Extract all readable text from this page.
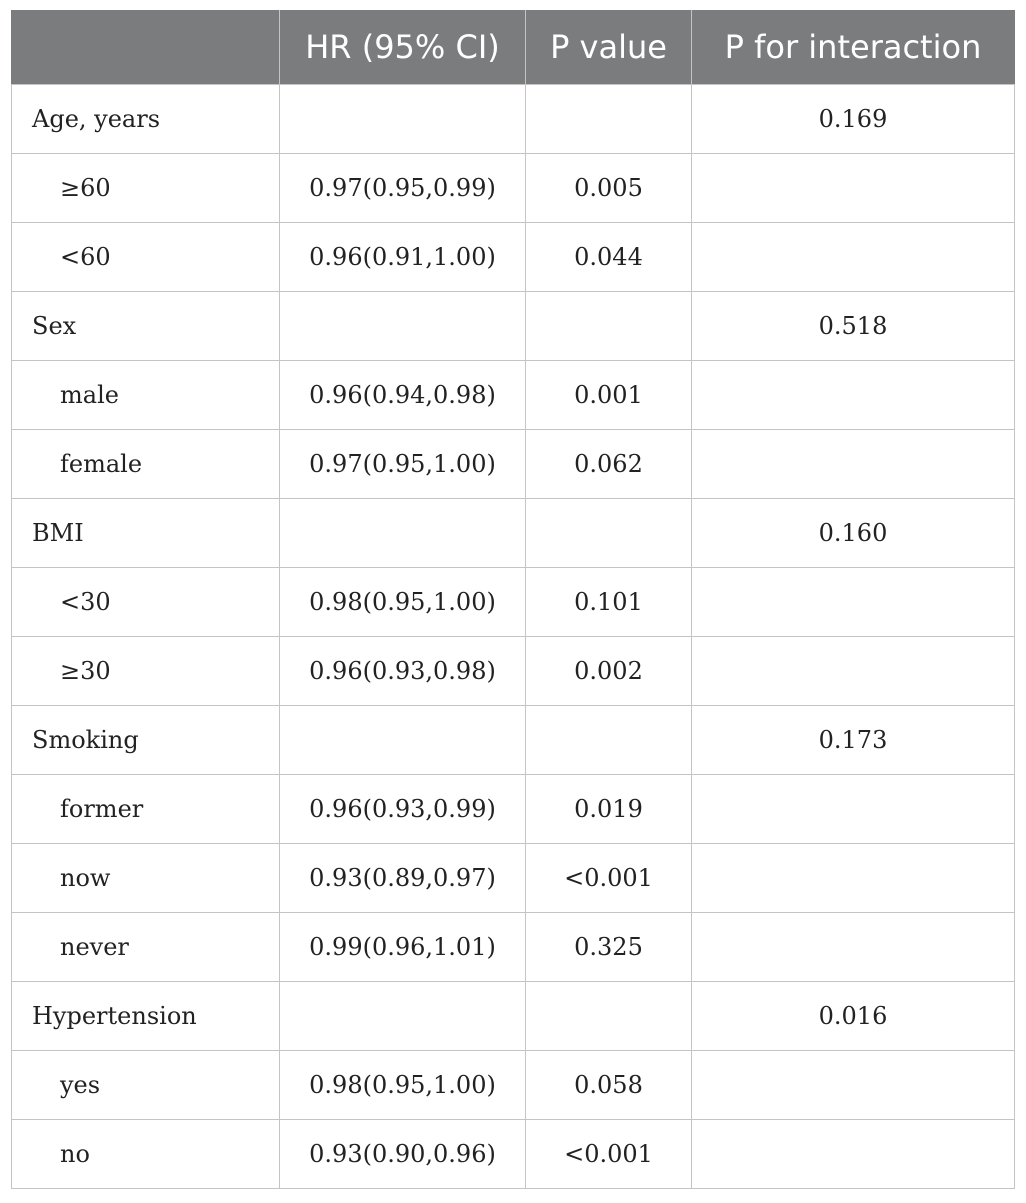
	HR (95% CI)	P value	P for interaction
Age, years			0.169
≥60	0.97(0.95,0.99)	0.005	
<60	0.96(0.91,1.00)	0.044	
Sex			0.518
male	0.96(0.94,0.98)	0.001	
female	0.97(0.95,1.00)	0.062	
BMI			0.160
<30	0.98(0.95,1.00)	0.101	
≥30	0.96(0.93,0.98)	0.002	
Smoking			0.173
former	0.96(0.93,0.99)	0.019	
now	0.93(0.89,0.97)	<0.001	
never	0.99(0.96,1.01)	0.325	
Hypertension			0.016
yes	0.98(0.95,1.00)	0.058	
no	0.93(0.90,0.96)	<0.001	
